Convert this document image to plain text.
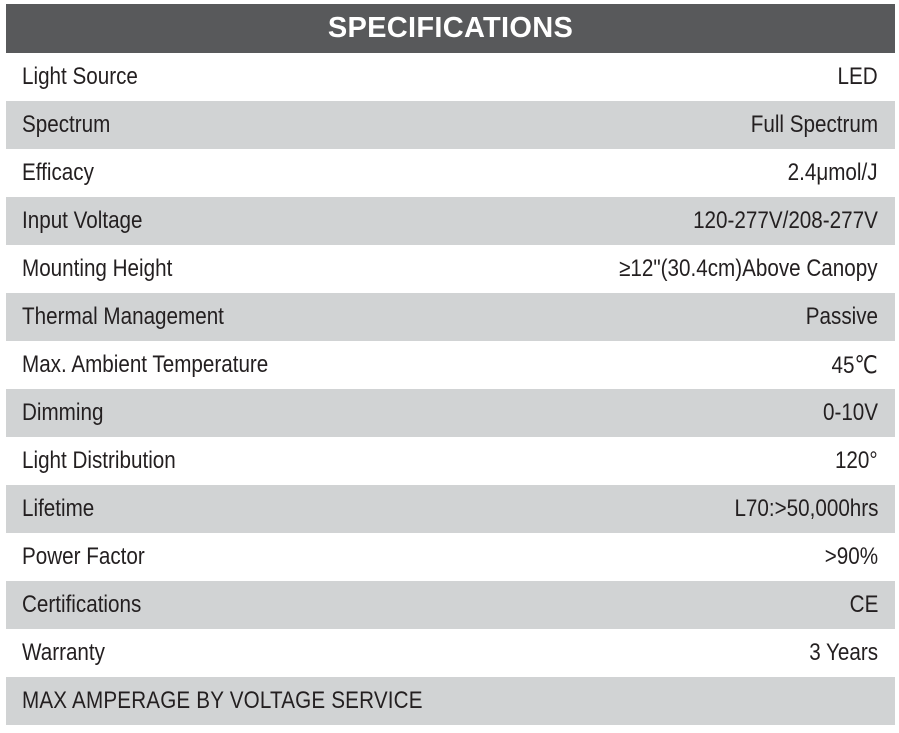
SPECIFICATIONS
Light Source	LED
Spectrum	Full Spectrum
Efficacy	2.4μmol/J
Input Voltage	120-277V/208-277V
Mounting Height	≥12"(30.4cm)Above Canopy
Thermal Management	Passive
Max. Ambient Temperature	45℃
Dimming	0-10V
Light Distribution	120°
Lifetime	L70:>50,000hrs
Power Factor	>90%
Certifications	CE
Warranty	3 Years
MAX AMPERAGE BY VOLTAGE SERVICE
